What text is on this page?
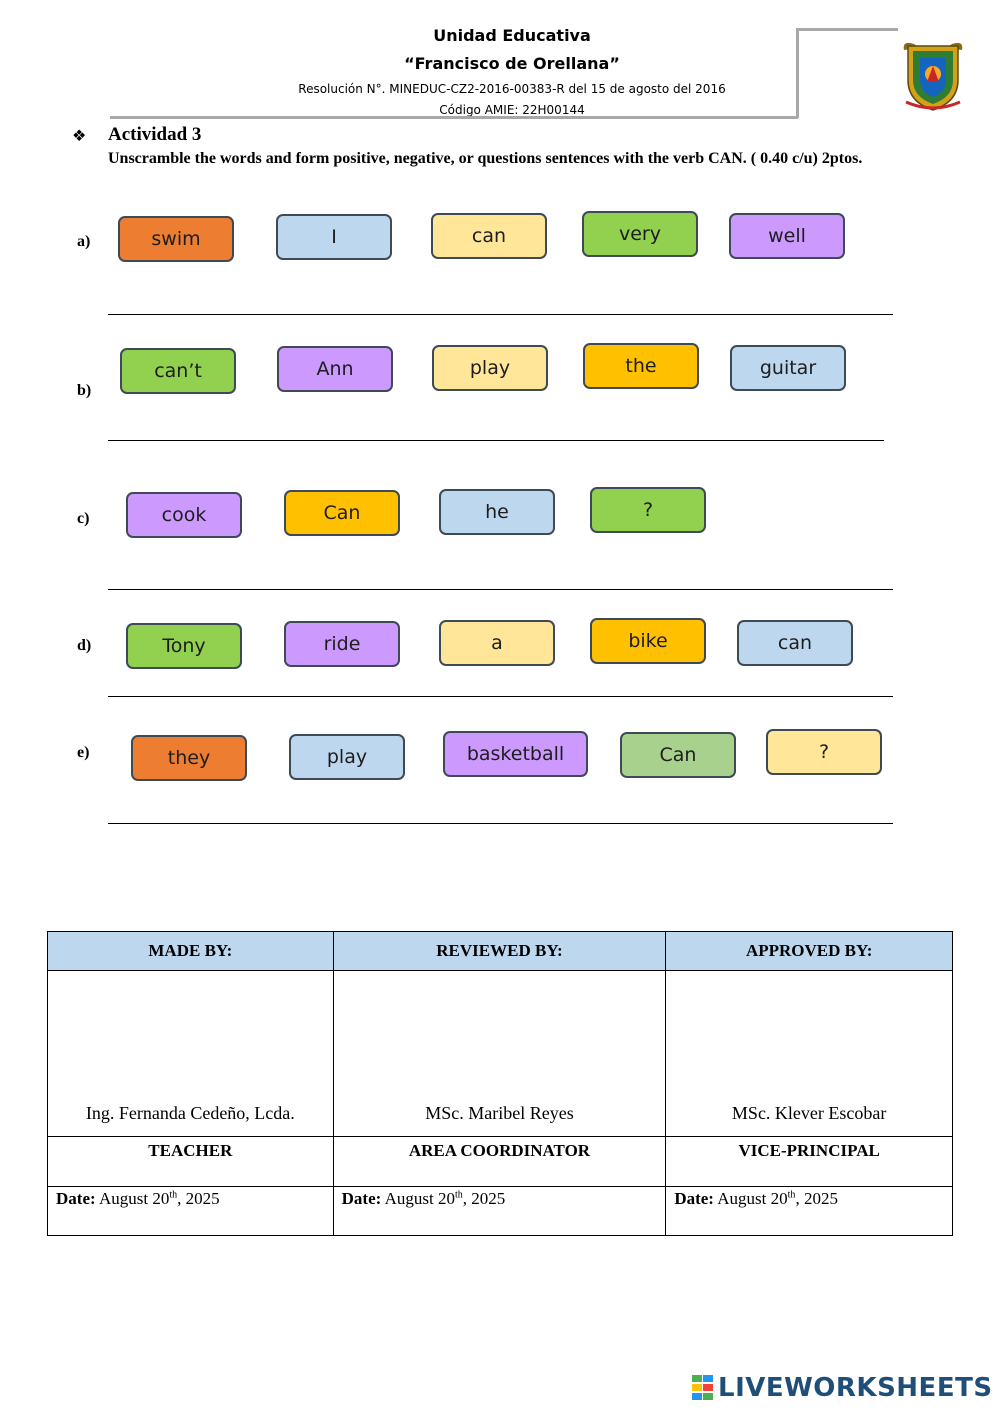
Unidad Educativa
“Francisco de Orellana”
Resolución N°. MINEDUC-CZ2-2016-00383-R del 15 de agosto del 2016
Código AMIE: 22H00144
❖ Actividad 3
Unscramble the words and form positive, negative, or questions sentences with the verb CAN. ( 0.40 c/u) 2ptos.
a)	swim	I	can	very	well
b)
can’t	Ann	play	the	guitar
c)	cook	Can	he	?
d)	Tony	ride	a	bike	can
e)	they	play	basketball	Can	?
MADE BY:	REVIEWED BY:	APPROVED BY:
Ing. Fernanda Cedeño, Lcda.	MSc. Maribel Reyes	MSc. Klever Escobar
TEACHER	AREA COORDINATOR	VICE-PRINCIPAL
Date: August 20th, 2025	Date: August 20th, 2025	Date: August 20th, 2025
LIVEWORKSHEETS
